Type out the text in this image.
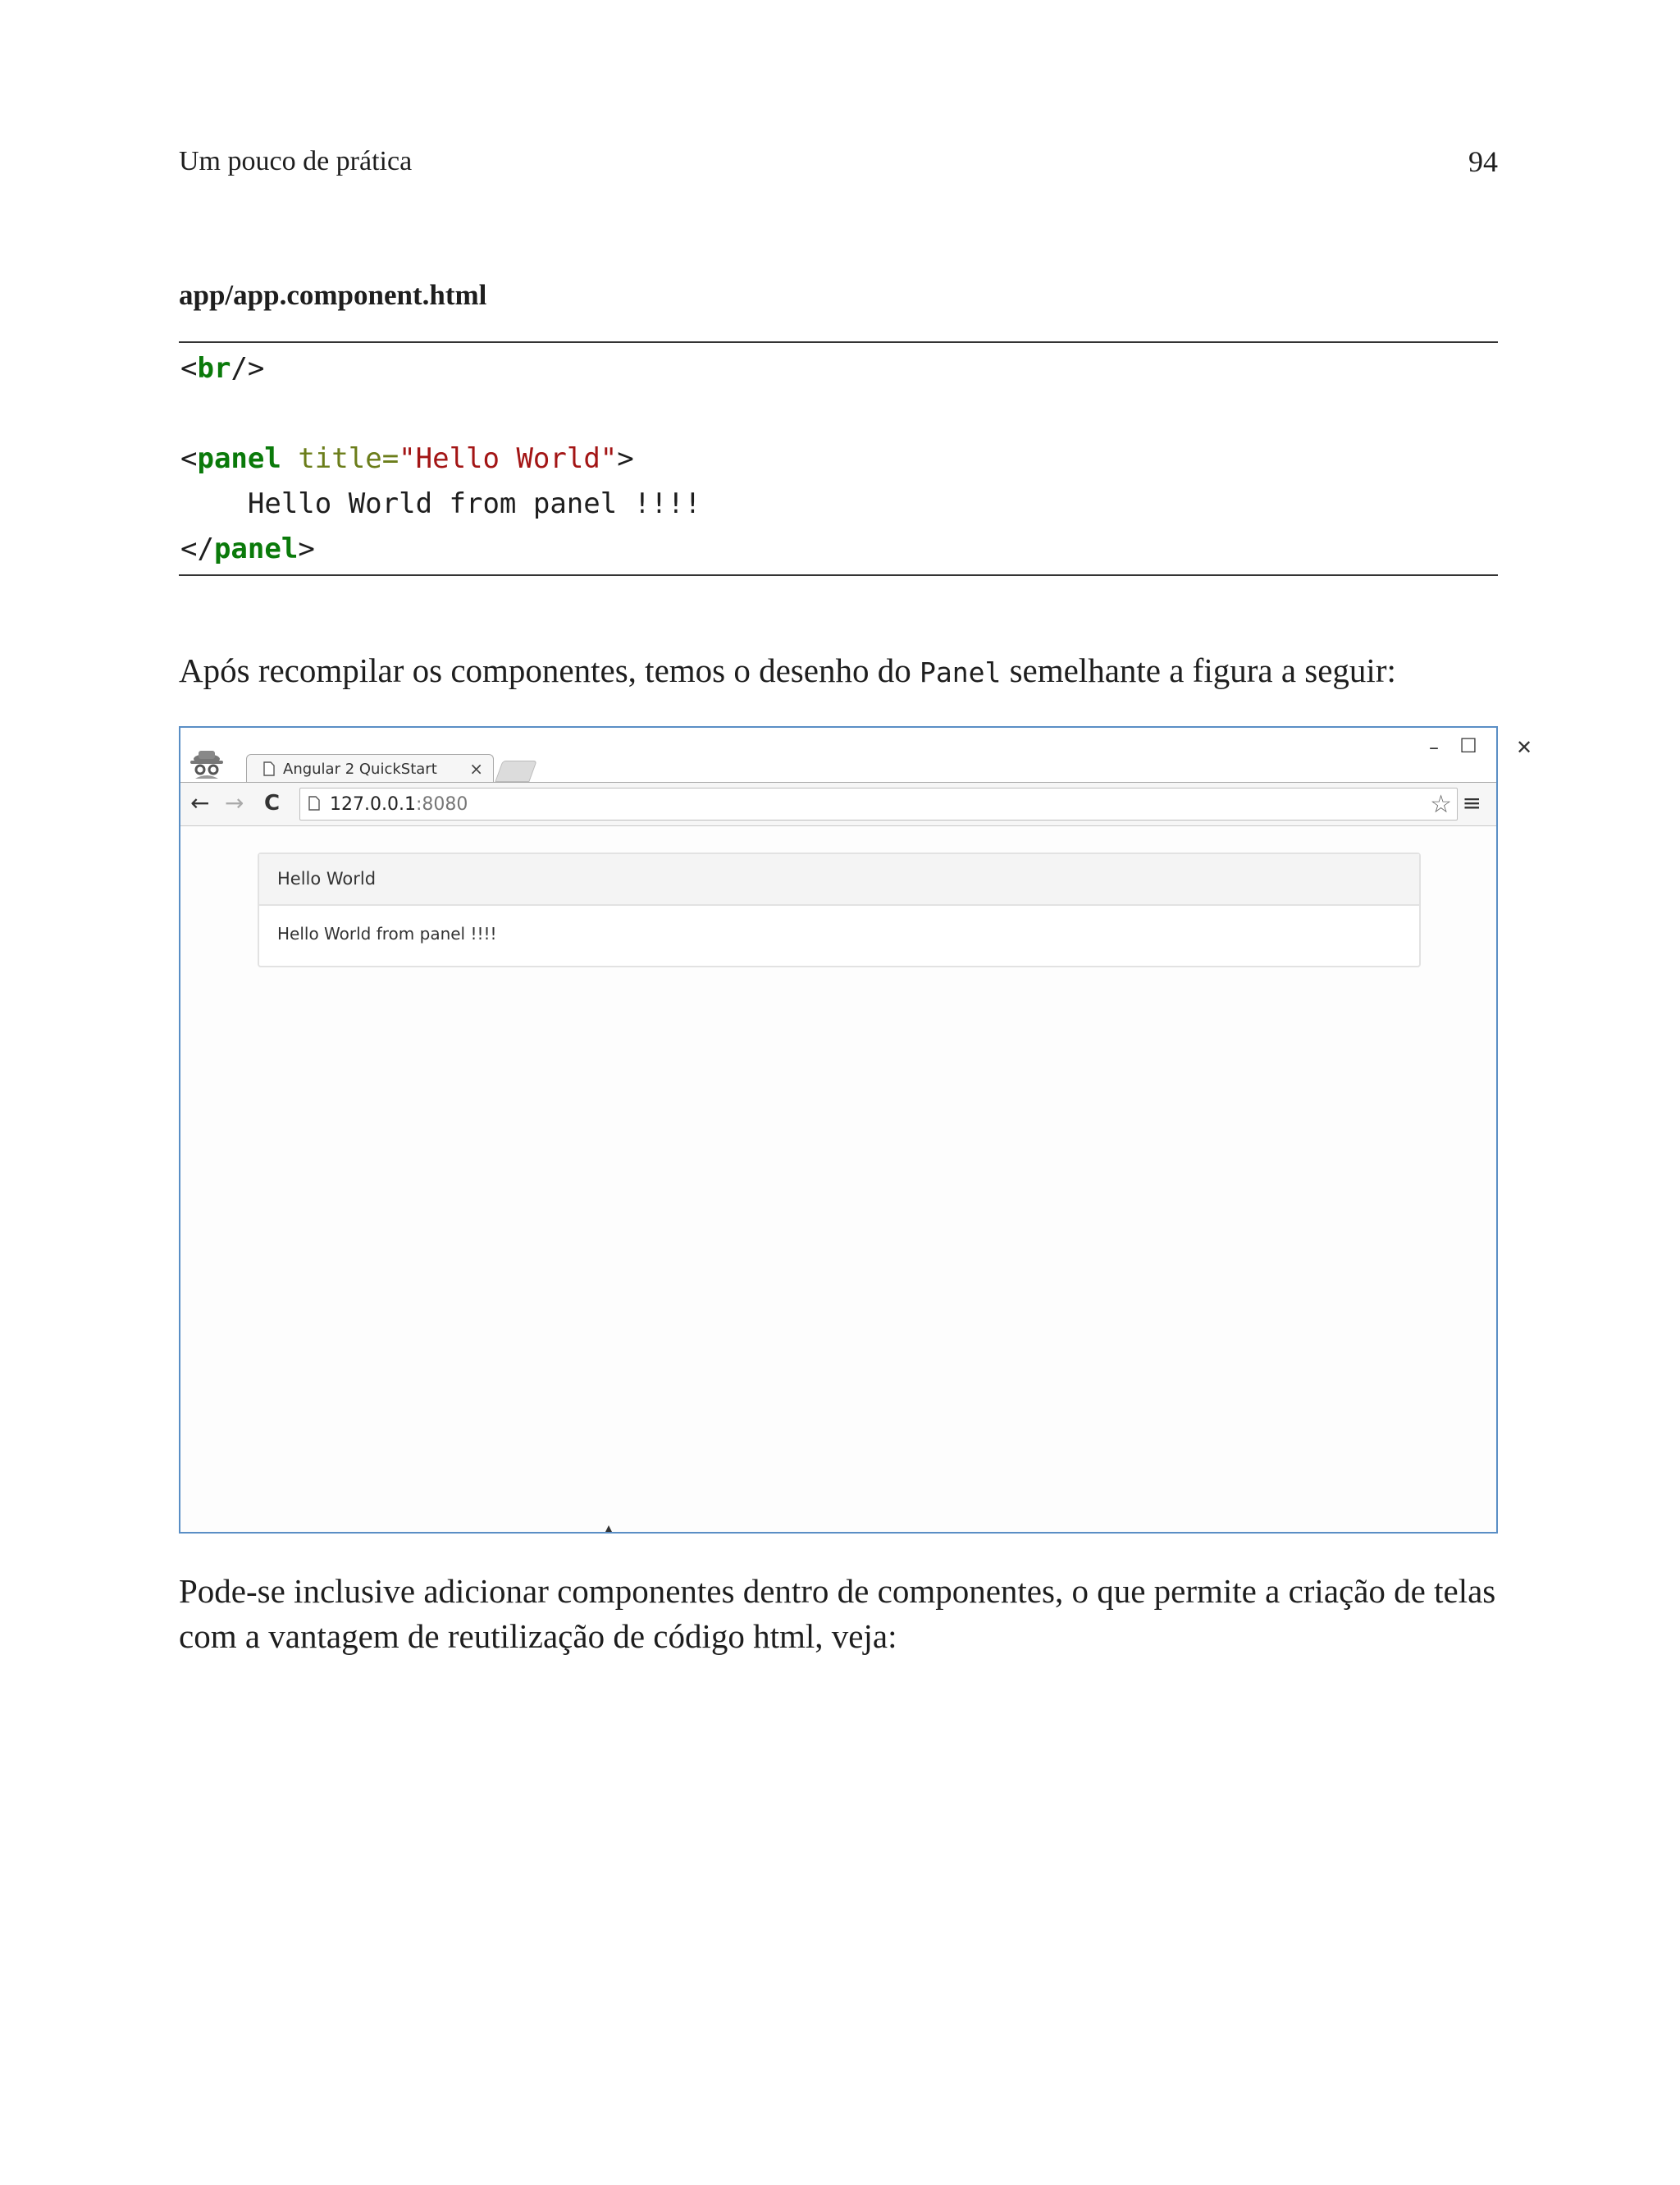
Um pouco de prática	94
app/app.component.html
<br/>

<panel title="Hello World">
Hello World from panel !!!!
</panel>
Após recompilar os componentes, temos o desenho do Panel semelhante a figura a seguir:
Angular 2 QuickStart ×
–	☐	✕
← → C	127.0.0.1:8080	☆ ≡
Hello World
Hello World from panel !!!!
Pode-se inclusive adicionar componentes dentro de componentes, o que permite a criação de telas com a vantagem de reutilização de código html, veja:
